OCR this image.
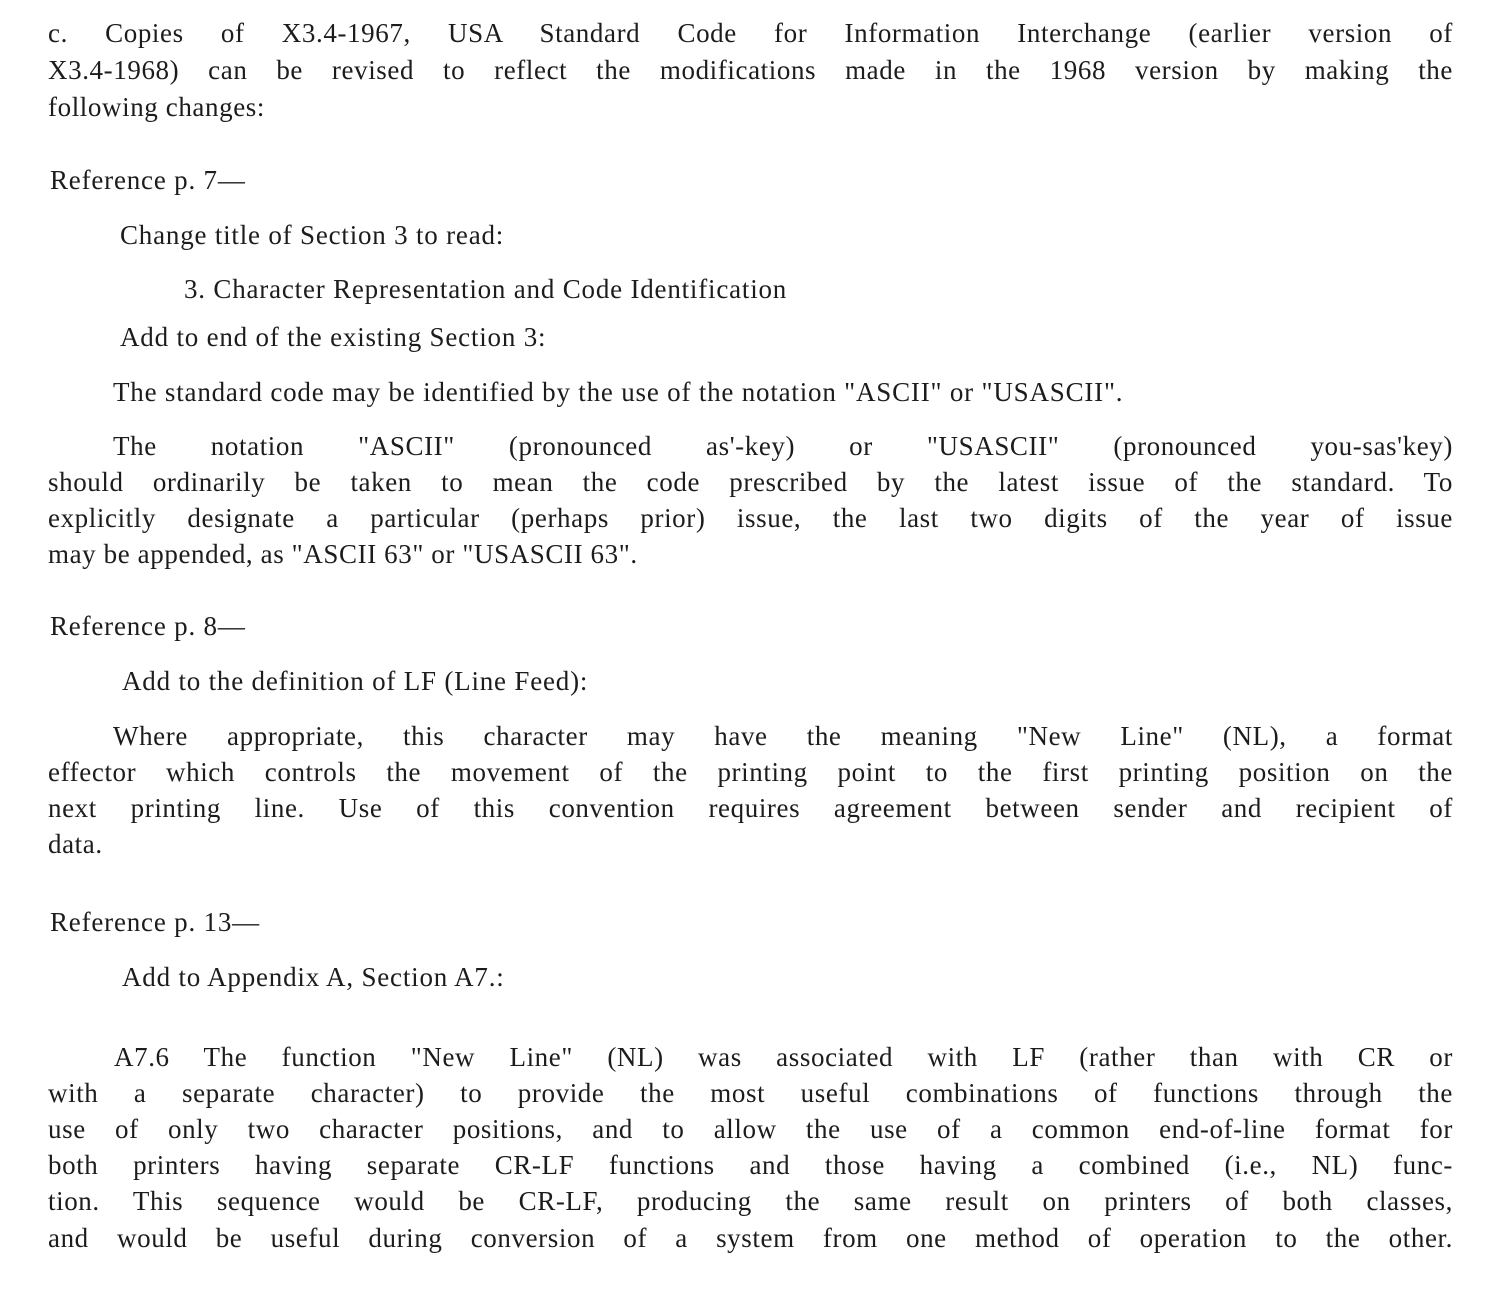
c. Copies of X3.4-1967, USA Standard Code for Information Interchange (earlier version of
X3.4-1968) can be revised to reflect the modifications made in the 1968 version by making the
following changes:
Reference p. 7—
Change title of Section 3 to read:
3. Character Representation and Code Identification
Add to end of the existing Section 3:
The standard code may be identified by the use of the notation "ASCII" or "USASCII".
The notation "ASCII" (pronounced as'-key) or "USASCII" (pronounced you-sas'key)
should ordinarily be taken to mean the code prescribed by the latest issue of the standard. To
explicitly designate a particular (perhaps prior) issue, the last two digits of the year of issue
may be appended, as "ASCII 63" or "USASCII 63".
Reference p. 8—
Add to the definition of LF (Line Feed):
Where appropriate, this character may have the meaning "New Line" (NL), a format
effector which controls the movement of the printing point to the first printing position on the
next printing line. Use of this convention requires agreement between sender and recipient of
data.
Reference p. 13—
Add to Appendix A, Section A7.:
A7.6 The function "New Line" (NL) was associated with LF (rather than with CR or
with a separate character) to provide the most useful combinations of functions through the
use of only two character positions, and to allow the use of a common end-of-line format for
both printers having separate CR-LF functions and those having a combined (i.e., NL) func-
tion. This sequence would be CR-LF, producing the same result on printers of both classes,
and would be useful during conversion of a system from one method of operation to the other.
